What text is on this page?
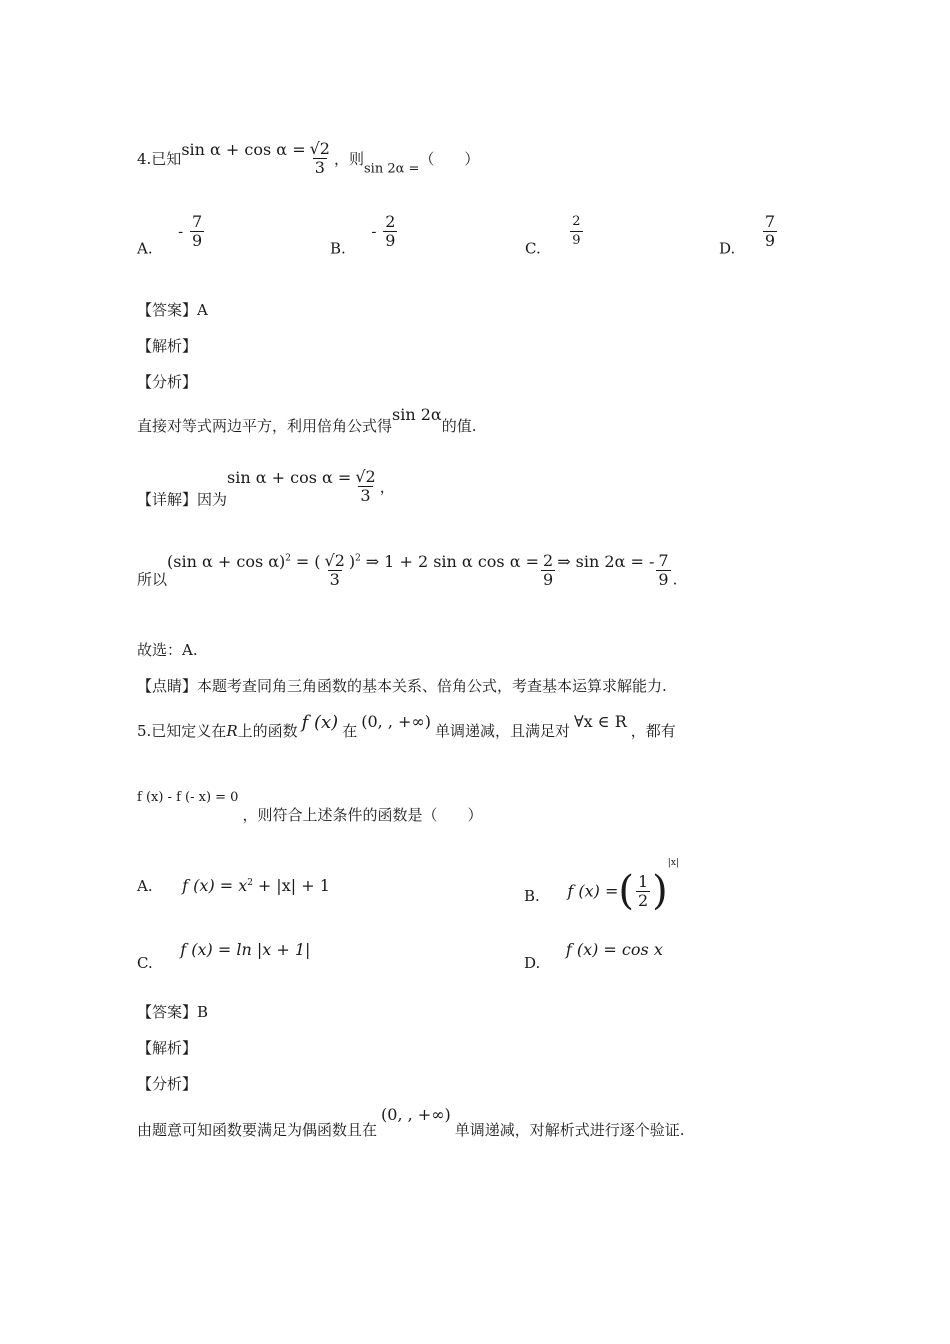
4.已知$\sin \alpha + \cos \alpha = \frac{√2}{3}$ ，则sin 2α =（　　）
A.  - $\frac{7}{9}$	B.  - $\frac{2}{9}$	C. $\frac{2}{9}$	D. $\frac{7}{9}$
【答案】A
【解析】
【分析】
直接对等式两边平方，利用倍角公式得sin 2α的值.
【详解】因为$\sin \alpha + \cos \alpha = \frac{√2}{3}$ ，
所以(sin α + cos α)$^2$ = ( $\frac{√2}{3} )^2$ ⇒ 1 + 2 sin α $\cos \alpha = \frac{2}{9}$ ⇒ sin 2α = - $\frac{7}{9}$ .
故选：A.
【点睛】本题考查同角三角函数的基本关系、倍角公式，考查基本运算求解能力.
5.已知定义在R上的函数 f (x) 在 (0, , +∞) 单调递减，且满足对 ∀x ∈ R ，都有
f (x) - f (- x) = 0，则符合上述条件的函数是（　　）
A. f $(x) = x^2 + |x| + 1$
B. f (x) =( $\frac{1}{2} )^{|x|}$
C.  f (x) = ln |x + 1|
D.  f (x) = cos x
【答案】B
【解析】
【分析】
由题意可知函数要满足为偶函数且在(0, , +∞)单调递减，对解析式进行逐个验证.
